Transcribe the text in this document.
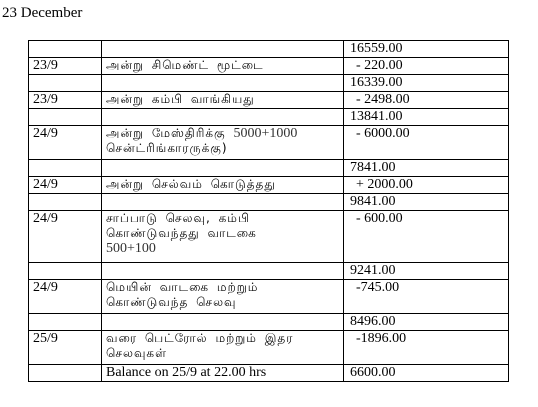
23 December
		16559.00
23/9	அன்று சிமெண்ட் மூட்டை	- 220.00
		16339.00
23/9	அன்று கம்பி வாங்கியது	- 2498.00
		13841.00
24/9	அன்று மேஸ்திரிக்கு 5000+1000
சென்ட்ரிங்காரருக்கு)	- 6000.00
		7841.00
24/9	அன்று செல்வம் கொடுத்தது	+ 2000.00
		9841.00
24/9	சாப்பாடு செலவு, கம்பி
கொண்டுவந்தது வாடகை
500+100	- 600.00
		9241.00
24/9	மெயின் வாடகை மற்றும்
கொண்டுவந்த செலவு	-745.00
		8496.00
25/9	வரை பெட்ரோல் மற்றும் இதர
செலவுகள்	-1896.00
	Balance on 25/9 at 22.00 hrs	6600.00
